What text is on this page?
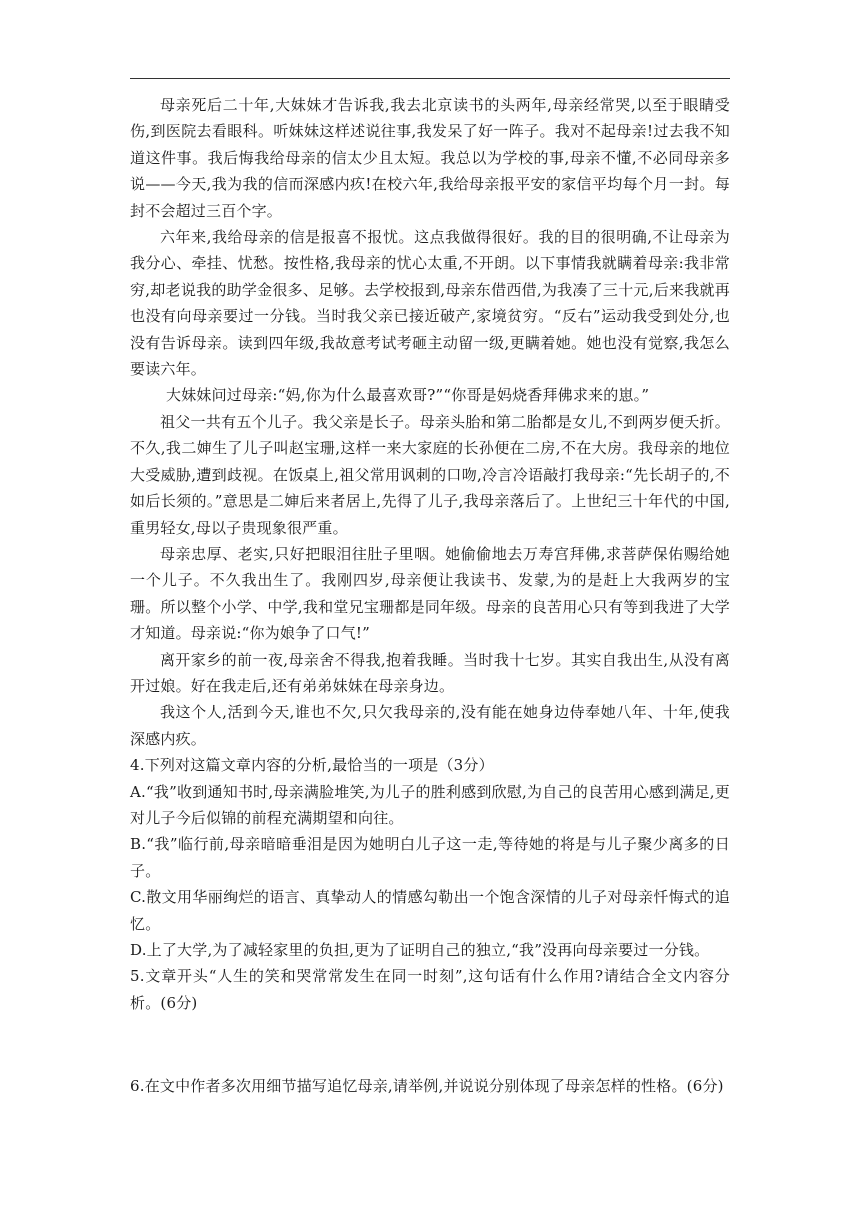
母亲死后二十年,大妹妹才告诉我,我去北京读书的头两年,母亲经常哭,以至于眼睛受伤,到医院去看眼科。听妹妹这样述说往事,我发呆了好一阵子。我对不起母亲!过去我不知道这件事。我后悔我给母亲的信太少且太短。我总以为学校的事,母亲不懂,不必同母亲多说——今天,我为我的信而深感内疚!在校六年,我给母亲报平安的家信平均每个月一封。每封不会超过三百个字。

六年来,我给母亲的信是报喜不报忧。这点我做得很好。我的目的很明确,不让母亲为我分心、牵挂、忧愁。按性格,我母亲的忧心太重,不开朗。以下事情我就瞒着母亲:我非常穷,却老说我的助学金很多、足够。去学校报到,母亲东借西借,为我凑了三十元,后来我就再也没有向母亲要过一分钱。当时我父亲已接近破产,家境贫穷。“反右”运动我受到处分,也没有告诉母亲。读到四年级,我故意考试考砸主动留一级,更瞒着她。她也没有觉察,我怎么要读六年。

大妹妹问过母亲:“妈,你为什么最喜欢哥?”“你哥是妈烧香拜佛求来的崽。”

祖父一共有五个儿子。我父亲是长子。母亲头胎和第二胎都是女儿,不到两岁便夭折。不久,我二婶生了儿子叫赵宝珊,这样一来大家庭的长孙便在二房,不在大房。我母亲的地位大受威胁,遭到歧视。在饭桌上,祖父常用讽刺的口吻,冷言冷语敲打我母亲:“先长胡子的,不如后长须的。”意思是二婶后来者居上,先得了儿子,我母亲落后了。上世纪三十年代的中国,重男轻女,母以子贵现象很严重。

母亲忠厚、老实,只好把眼泪往肚子里咽。她偷偷地去万寿宫拜佛,求菩萨保佑赐给她一个儿子。不久我出生了。我刚四岁,母亲便让我读书、发蒙,为的是赶上大我两岁的宝珊。所以整个小学、中学,我和堂兄宝珊都是同年级。母亲的良苦用心只有等到我进了大学才知道。母亲说:“你为娘争了口气!”

离开家乡的前一夜,母亲舍不得我,抱着我睡。当时我十七岁。其实自我出生,从没有离开过娘。好在我走后,还有弟弟妹妹在母亲身边。

我这个人,活到今天,谁也不欠,只欠我母亲的,没有能在她身边侍奉她八年、十年,使我深感内疚。

4.下列对这篇文章内容的分析,最恰当的一项是（3分）

A.“我”收到通知书时,母亲满脸堆笑,为儿子的胜利感到欣慰,为自己的良苦用心感到满足,更对儿子今后似锦的前程充满期望和向往。

B.“我”临行前,母亲暗暗垂泪是因为她明白儿子这一走,等待她的将是与儿子聚少离多的日子。

C.散文用华丽绚烂的语言、真挚动人的情感勾勒出一个饱含深情的儿子对母亲忏悔式的追忆。

D.上了大学,为了减轻家里的负担,更为了证明自己的独立,“我”没再向母亲要过一分钱。

5.文章开头“人生的笑和哭常常发生在同一时刻”,这句话有什么作用?请结合全文内容分析。(6分)

6.在文中作者多次用细节描写追忆母亲,请举例,并说说分别体现了母亲怎样的性格。(6分)
